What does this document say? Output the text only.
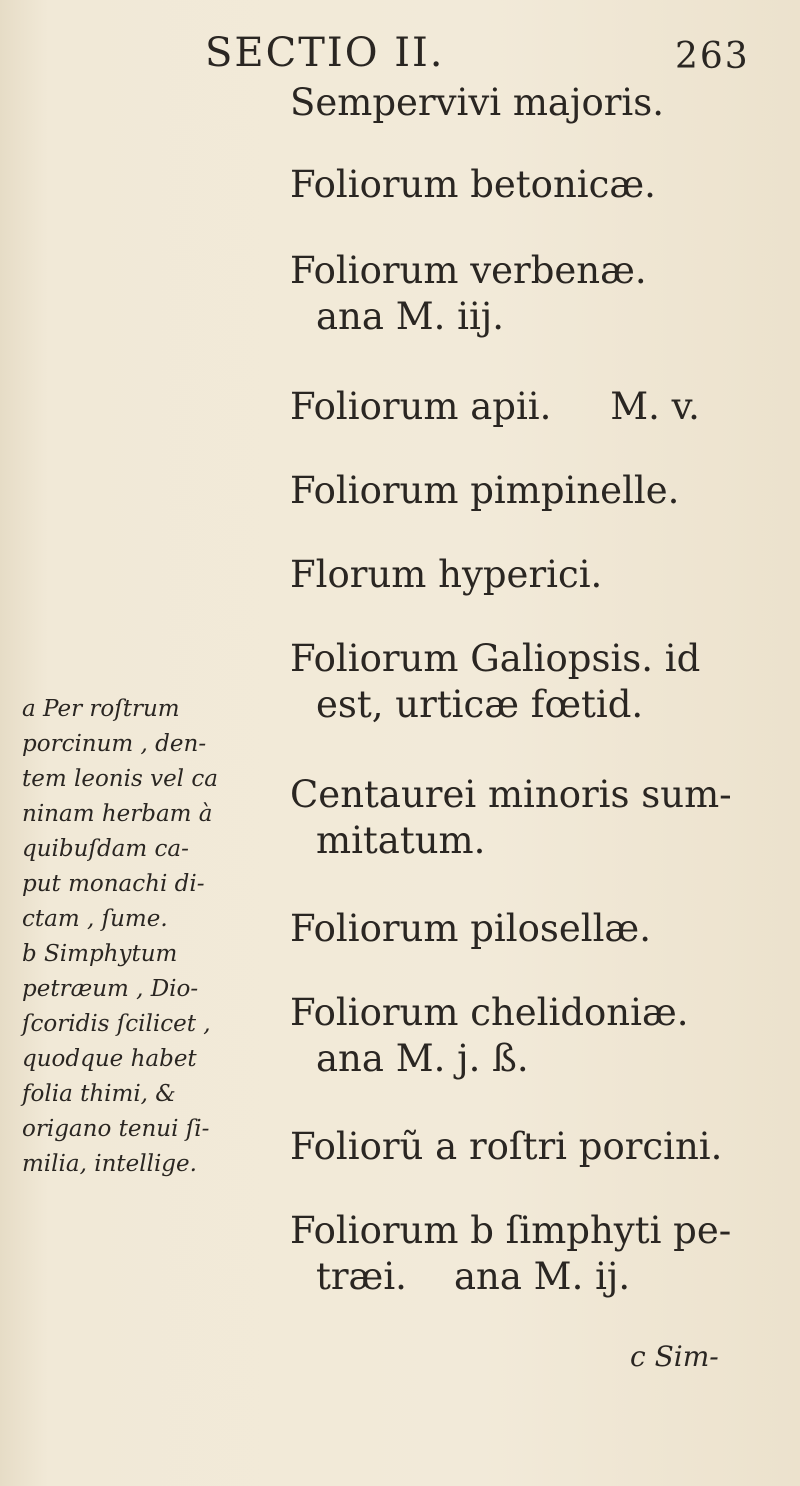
SECTIO II.	263
Sempervivi majoris.
Foliorum betonicæ.
Foliorum verbenæ.
ana M. iij.
Foliorum apii.     M. v.
Foliorum pimpinelle.
Florum hyperici.
Foliorum Galiopsis. id
est, urticæ fœtid.
Centaurei minoris sum-
mitatum.
Foliorum pilosellæ.
Foliorum chelidoniæ.
ana M. j. ß.
Foliorũ a roſtri porcini.
Foliorum b ſimphyti pe-
træi.    ana M. ij.
a Per roſtrum
porcinum , den-
tem leonis vel ca
ninam herbam à
quibuſdam ca-
put monachi di-
ctam , ſume.
b Simphytum
petræum , Dio-
ſcoridis ſcilicet ,
quodque habet
folia thimi, &
origano tenui ſi-
milia, intellige.
c Sim-
